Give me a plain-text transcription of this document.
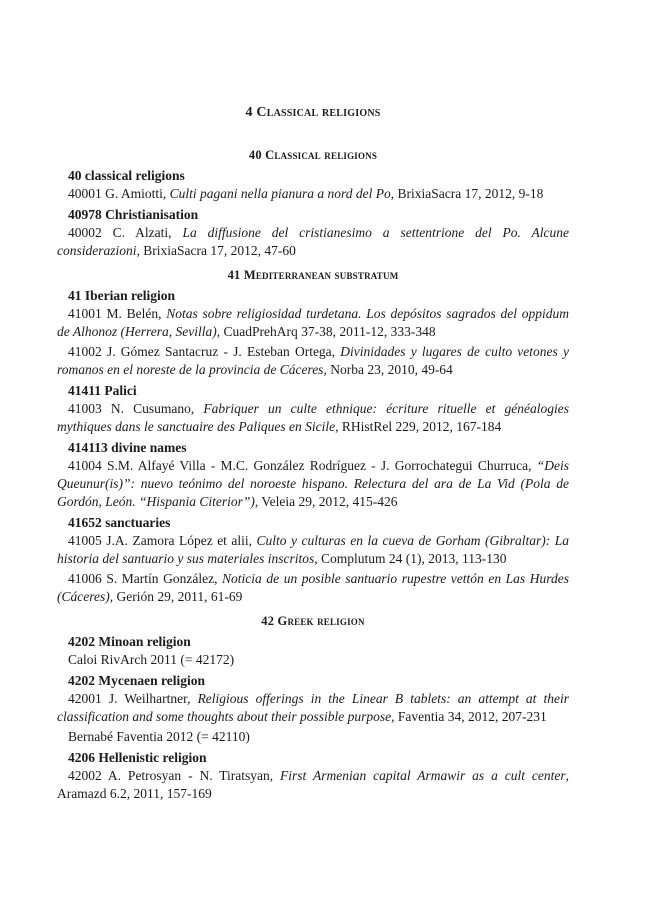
4 Classical religions
40 Classical religions
40 classical religions
40001 G. Amiotti, Culti pagani nella pianura a nord del Po, BrixiaSacra 17, 2012, 9-18
40978 Christianisation
40002 C. Alzati, La diffusione del cristianesimo a settentrione del Po. Alcune considerazioni, BrixiaSacra 17, 2012, 47-60
41 Mediterranean substratum
41 Iberian religion
41001 M. Belén, Notas sobre religiosidad turdetana. Los depósitos sagrados del oppidum de Alhonoz (Herrera, Sevilla), CuadPrehArq 37-38, 2011-12, 333-348
41002 J. Gómez Santacruz - J. Esteban Ortega, Divinidades y lugares de culto vetones y romanos en el noreste de la provincia de Cáceres, Norba 23, 2010, 49-64
41411 Palici
41003 N. Cusumano, Fabriquer un culte ethnique: écriture rituelle et généalogies mythiques dans le sanctuaire des Paliques en Sicile, RHistRel 229, 2012, 167-184
414113 divine names
41004 S.M. Alfayé Villa - M.C. González Rodríguez - J. Gorrochategui Churruca, “Deis Queunur(is)”: nuevo teónimo del noroeste hispano. Relectura del ara de La Vid (Pola de Gordón, León. “Hispania Citerior”), Veleia 29, 2012, 415-426
41652 sanctuaries
41005 J.A. Zamora López et alii, Culto y culturas en la cueva de Gorham (Gibraltar): La historia del santuario y sus materiales inscritos, Complutum 24 (1), 2013, 113-130
41006 S. Martín González, Noticia de un posible santuario rupestre vettón en Las Hurdes (Cáceres), Gerión 29, 2011, 61-69
42 Greek religion
4202 Minoan religion
Caloi RivArch 2011 (= 42172)
4202 Mycenaen religion
42001 J. Weilhartner, Religious offerings in the Linear B tablets: an attempt at their classification and some thoughts about their possible purpose, Faventia 34, 2012, 207-231
Bernabé Faventia 2012 (= 42110)
4206 Hellenistic religion
42002 A. Petrosyan - N. Tiratsyan, First Armenian capital Armawir as a cult center, Aramazd 6.2, 2011, 157-169
